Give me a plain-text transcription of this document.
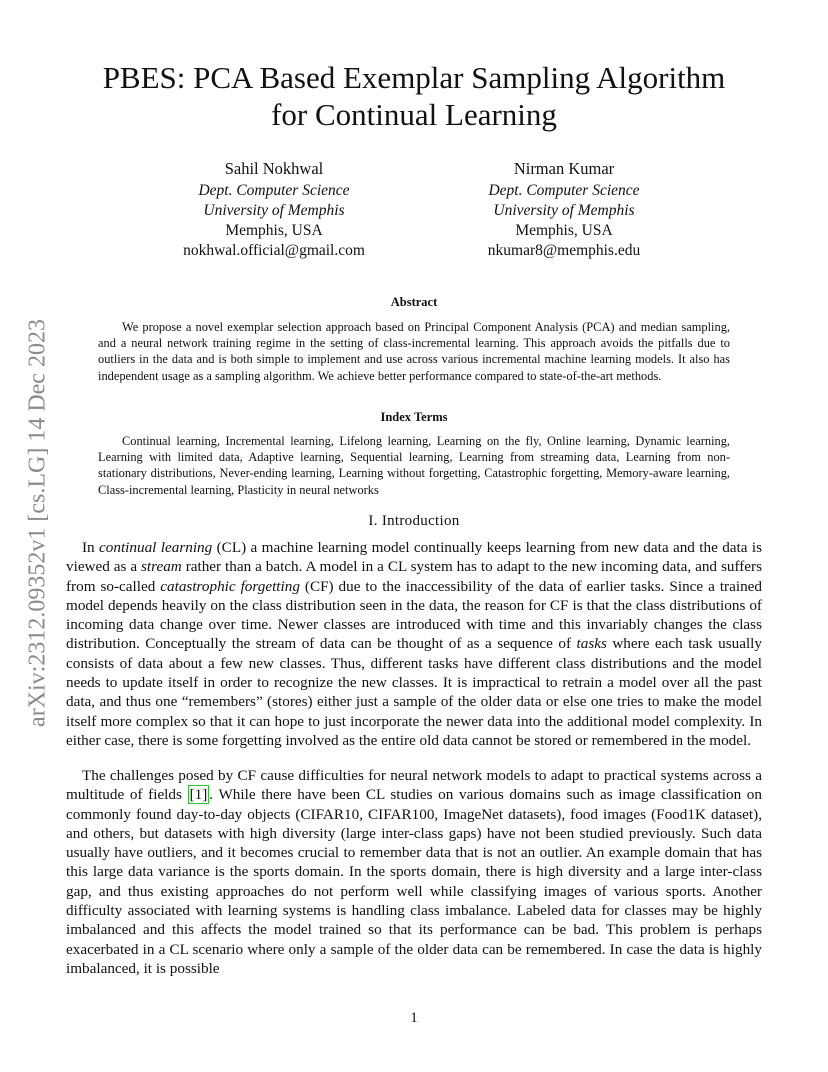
arXiv:2312.09352v1 [cs.LG] 14 Dec 2023
PBES: PCA Based Exemplar Sampling Algorithm
for Continual Learning
Sahil Nokhwal
Dept. Computer Science
University of Memphis
Memphis, USA
nokhwal.official@gmail.com
Nirman Kumar
Dept. Computer Science
University of Memphis
Memphis, USA
nkumar8@memphis.edu
Abstract
We propose a novel exemplar selection approach based on Principal Component Analysis (PCA) and median sampling, and a neural network training regime in the setting of class-incremental learning. This approach avoids the pitfalls due to outliers in the data and is both simple to implement and use across various incremental machine learning models. It also has independent usage as a sampling algorithm. We achieve better performance compared to state-of-the-art methods.
Index Terms
Continual learning, Incremental learning, Lifelong learning, Learning on the fly, Online learning, Dynamic learning, Learning with limited data, Adaptive learning, Sequential learning, Learning from streaming data, Learning from non-stationary distributions, Never-ending learning, Learning without forgetting, Catastrophic forgetting, Memory-aware learning, Class-incremental learning, Plasticity in neural networks
I. Introduction

In continual learning (CL) a machine learning model continually keeps learning from new data and the data is viewed as a stream rather than a batch. A model in a CL system has to adapt to the new incoming data, and suffers from so-called catastrophic forgetting (CF) due to the inaccessibility of the data of earlier tasks. Since a trained model depends heavily on the class distribution seen in the data, the reason for CF is that the class distributions of incoming data change over time. Newer classes are introduced with time and this invariably changes the class distribution. Conceptually the stream of data can be thought of as a sequence of tasks where each task usually consists of data about a few new classes. Thus, different tasks have different class distributions and the model needs to update itself in order to recognize the new classes. It is impractical to retrain a model over all the past data, and thus one “remembers” (stores) either just a sample of the older data or else one tries to make the model itself more complex so that it can hope to just incorporate the newer data into the additional model complexity. In either case, there is some forgetting involved as the entire old data cannot be stored or remembered in the model.

The challenges posed by CF cause difficulties for neural network models to adapt to practical systems across a multitude of fields [1] . While there have been CL studies on various domains such as image classification on commonly found day-to-day objects (CIFAR10, CIFAR100, ImageNet datasets), food images (Food1K dataset), and others, but datasets with high diversity (large inter-class gaps) have not been studied previously. Such data usually have outliers, and it becomes crucial to remember data that is not an outlier. An example domain that has this large data variance is the sports domain. In the sports domain, there is high diversity and a large inter-class gap, and thus existing approaches do not perform well while classifying images of various sports. Another difficulty associated with learning systems is handling class imbalance. Labeled data for classes may be highly imbalanced and this affects the model trained so that its performance can be bad. This problem is perhaps exacerbated in a CL scenario where only a sample of the older data can be remembered. In case the data is highly imbalanced, it is possible

1
